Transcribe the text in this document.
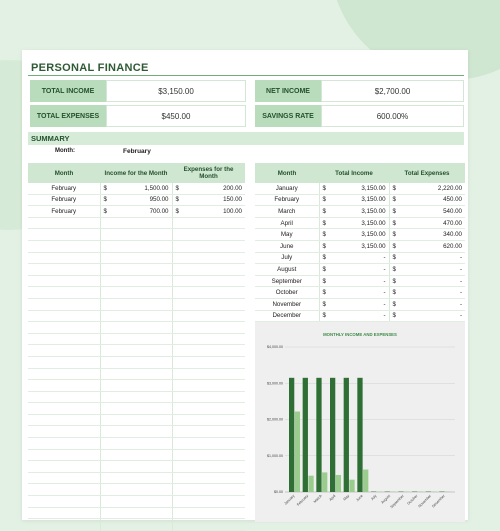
PERSONAL FINANCE
TOTAL INCOME	$3,150.00	NET INCOME	$2,700.00
TOTAL EXPENSES	$450.00	SAVINGS RATE	600.00%
SUMMARY
Month:	February
Month	Income for the Month		Expenses for the Month	
February	$	1,500.00	$	200.00
February	$	950.00	$	150.00
February	$	700.00	$	100.00

Month	Total Income		Total Expenses	
January	$	3,150.00	$	2,220.00
February	$	3,150.00	$	450.00
March	$	3,150.00	$	540.00
April	$	3,150.00	$	470.00
May	$	3,150.00	$	340.00
June	$	3,150.00	$	620.00
July	$	-	$	-
August	$	-	$	-
September	$	-	$	-
October	$	-	$	-
November	$	-	$	-
December	$	-	$	-
MONTHLY INCOME AND EXPENSES
$0.00
$1,000.00
$2,000.00
$3,000.00
$4,000.00
January February March April May June July August
September October November December
